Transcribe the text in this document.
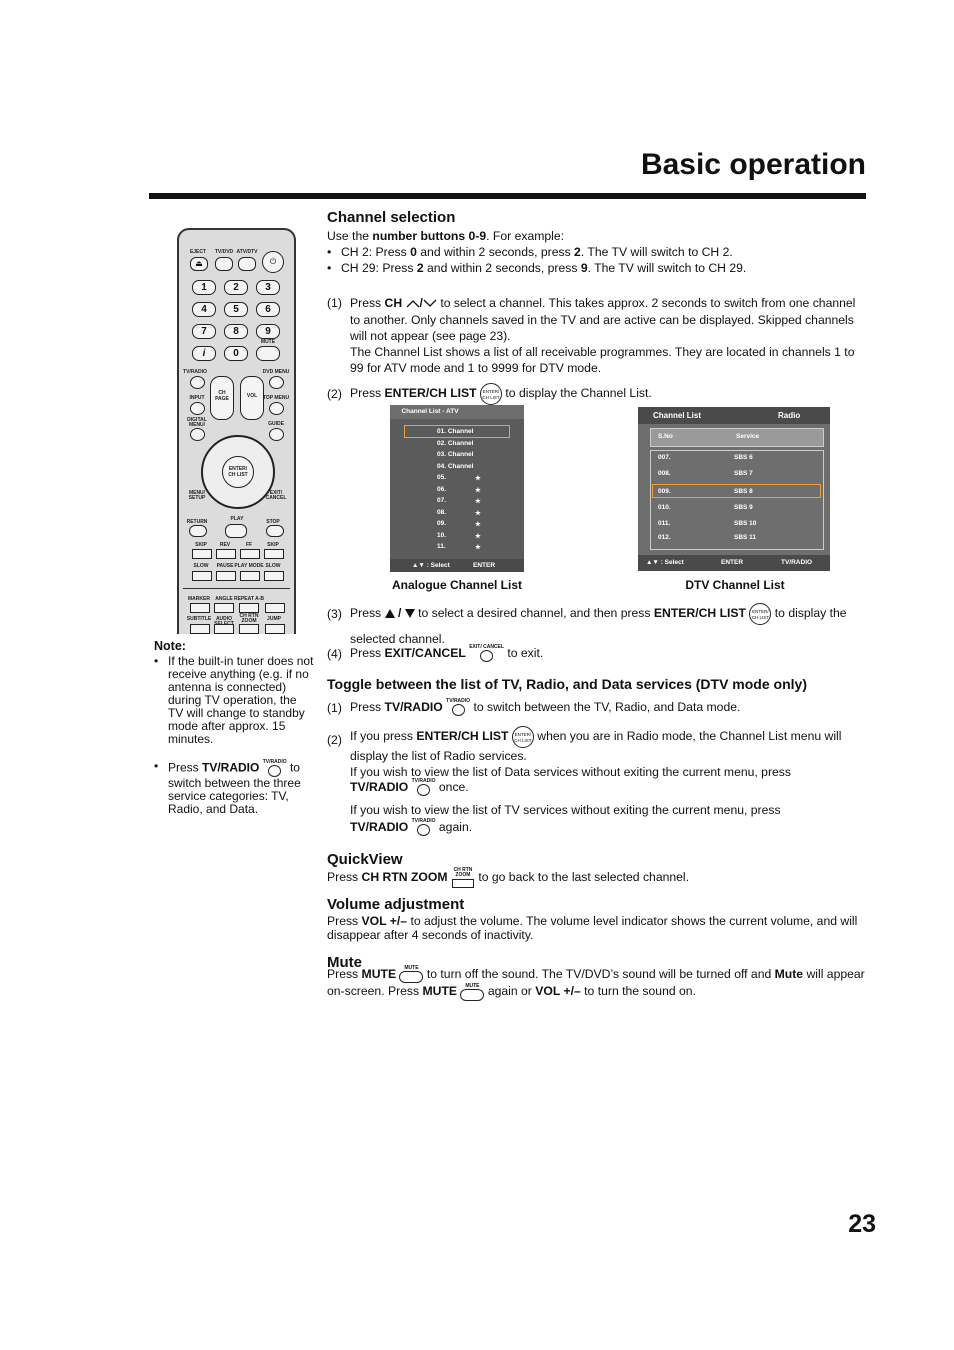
Basic operation
23
EJECT	TV/DVD ATV/DTV
⏏	⏻
1	2	3
4	5	6
7	8	9
i	0
MUTE
TV/RADIO	DVD MENU
CH
PAGE	VOL
INPUT	TOP MENU
DIGITAL MENU/	GUIDE
ENTER/
CH LIST
MENU/ SETUP
EXIT/ CANCEL
RETURN	PLAY	STOP
SKIP	REV	FF	SKIP
SLOW	PAUSE PLAY MODE SLOW
MARKER	ANGLE REPEAT A-B
SUBTITLE AUDIO	CH RTN ZOOM	JUMP
Note:
• If the built-in tuner does not receive anything (e.g. if no antenna is connected) during TV operation, the TV will change to standby mode after approx. 15 minutes.
• Press TV/RADIO TV/RADIO to switch between the three service categories: TV, Radio, and Data.
Channel selection
Use the number buttons 0-9. For example:
• CH 2: Press 0 and within 2 seconds, press 2. The TV will switch to CH 2.
• CH 29: Press 2 and within 2 seconds, press 9. The TV will switch to CH 29.
(1) Press CH / to select a channel. This takes approx. 2 seconds to switch from one channel to another. Only channels saved in the TV and are active can be displayed. Skipped channels will not appear (see page 23).
The Channel List shows a list of all receivable programmes. They are located in channels 1 to 99 for ATV mode and 1 to 9999 for DTV mode.
(2) Press ENTER/CH LIST ENTER/ CH LIST to display the Channel List.
Channel List - ATV
▲▼ : Select	ENTER
01. Channel
02. Channel
03. Channel
04. Channel
05.	★
06.	★
07.	★
08.	★
09.	★
10.	★
11.	★
Analogue Channel List
Channel List	Radio
S.No	Service
▲▼ : Select	ENTER	TV/RADIO
007.	SBS 6
008.	SBS 7
009.	SBS 8
010.	SBS 9
011.	SBS 10
012.	SBS 11
DTV Channel List
(3) Press  /  to select a desired channel, and then press ENTER/CH LIST ENTER/ CH LIST to display the selected channel.
(4) Press EXIT/CANCEL EXIT/ CANCEL to exit.
Toggle between the list of TV, Radio, and Data services (DTV mode only)
(1) Press TV/RADIO TV/RADIO to switch between the TV, Radio, and Data mode.
(2) If you press ENTER/CH LIST ENTER/ CH LIST when you are in Radio mode, the Channel List menu will display the list of Radio services.
If you wish to view the list of Data services without exiting the current menu, press
TV/RADIO TV/RADIO once.
If you wish to view the list of TV services without exiting the current menu, press
TV/RADIO TV/RADIO again.
QuickView
Press CH RTN ZOOM
CH RTN ZOOM to go back to the last selected channel.
Volume adjustment
Press VOL +/– to adjust the volume. The volume level indicator shows the current volume, and will disappear after 4 seconds of inactivity.
Mute
Press MUTE	MUTE to turn off the sound. The TV/DVD’s sound will be turned off and Mute will appear on-screen. Press MUTE	MUTE again or VOL +/– to turn the sound on.
